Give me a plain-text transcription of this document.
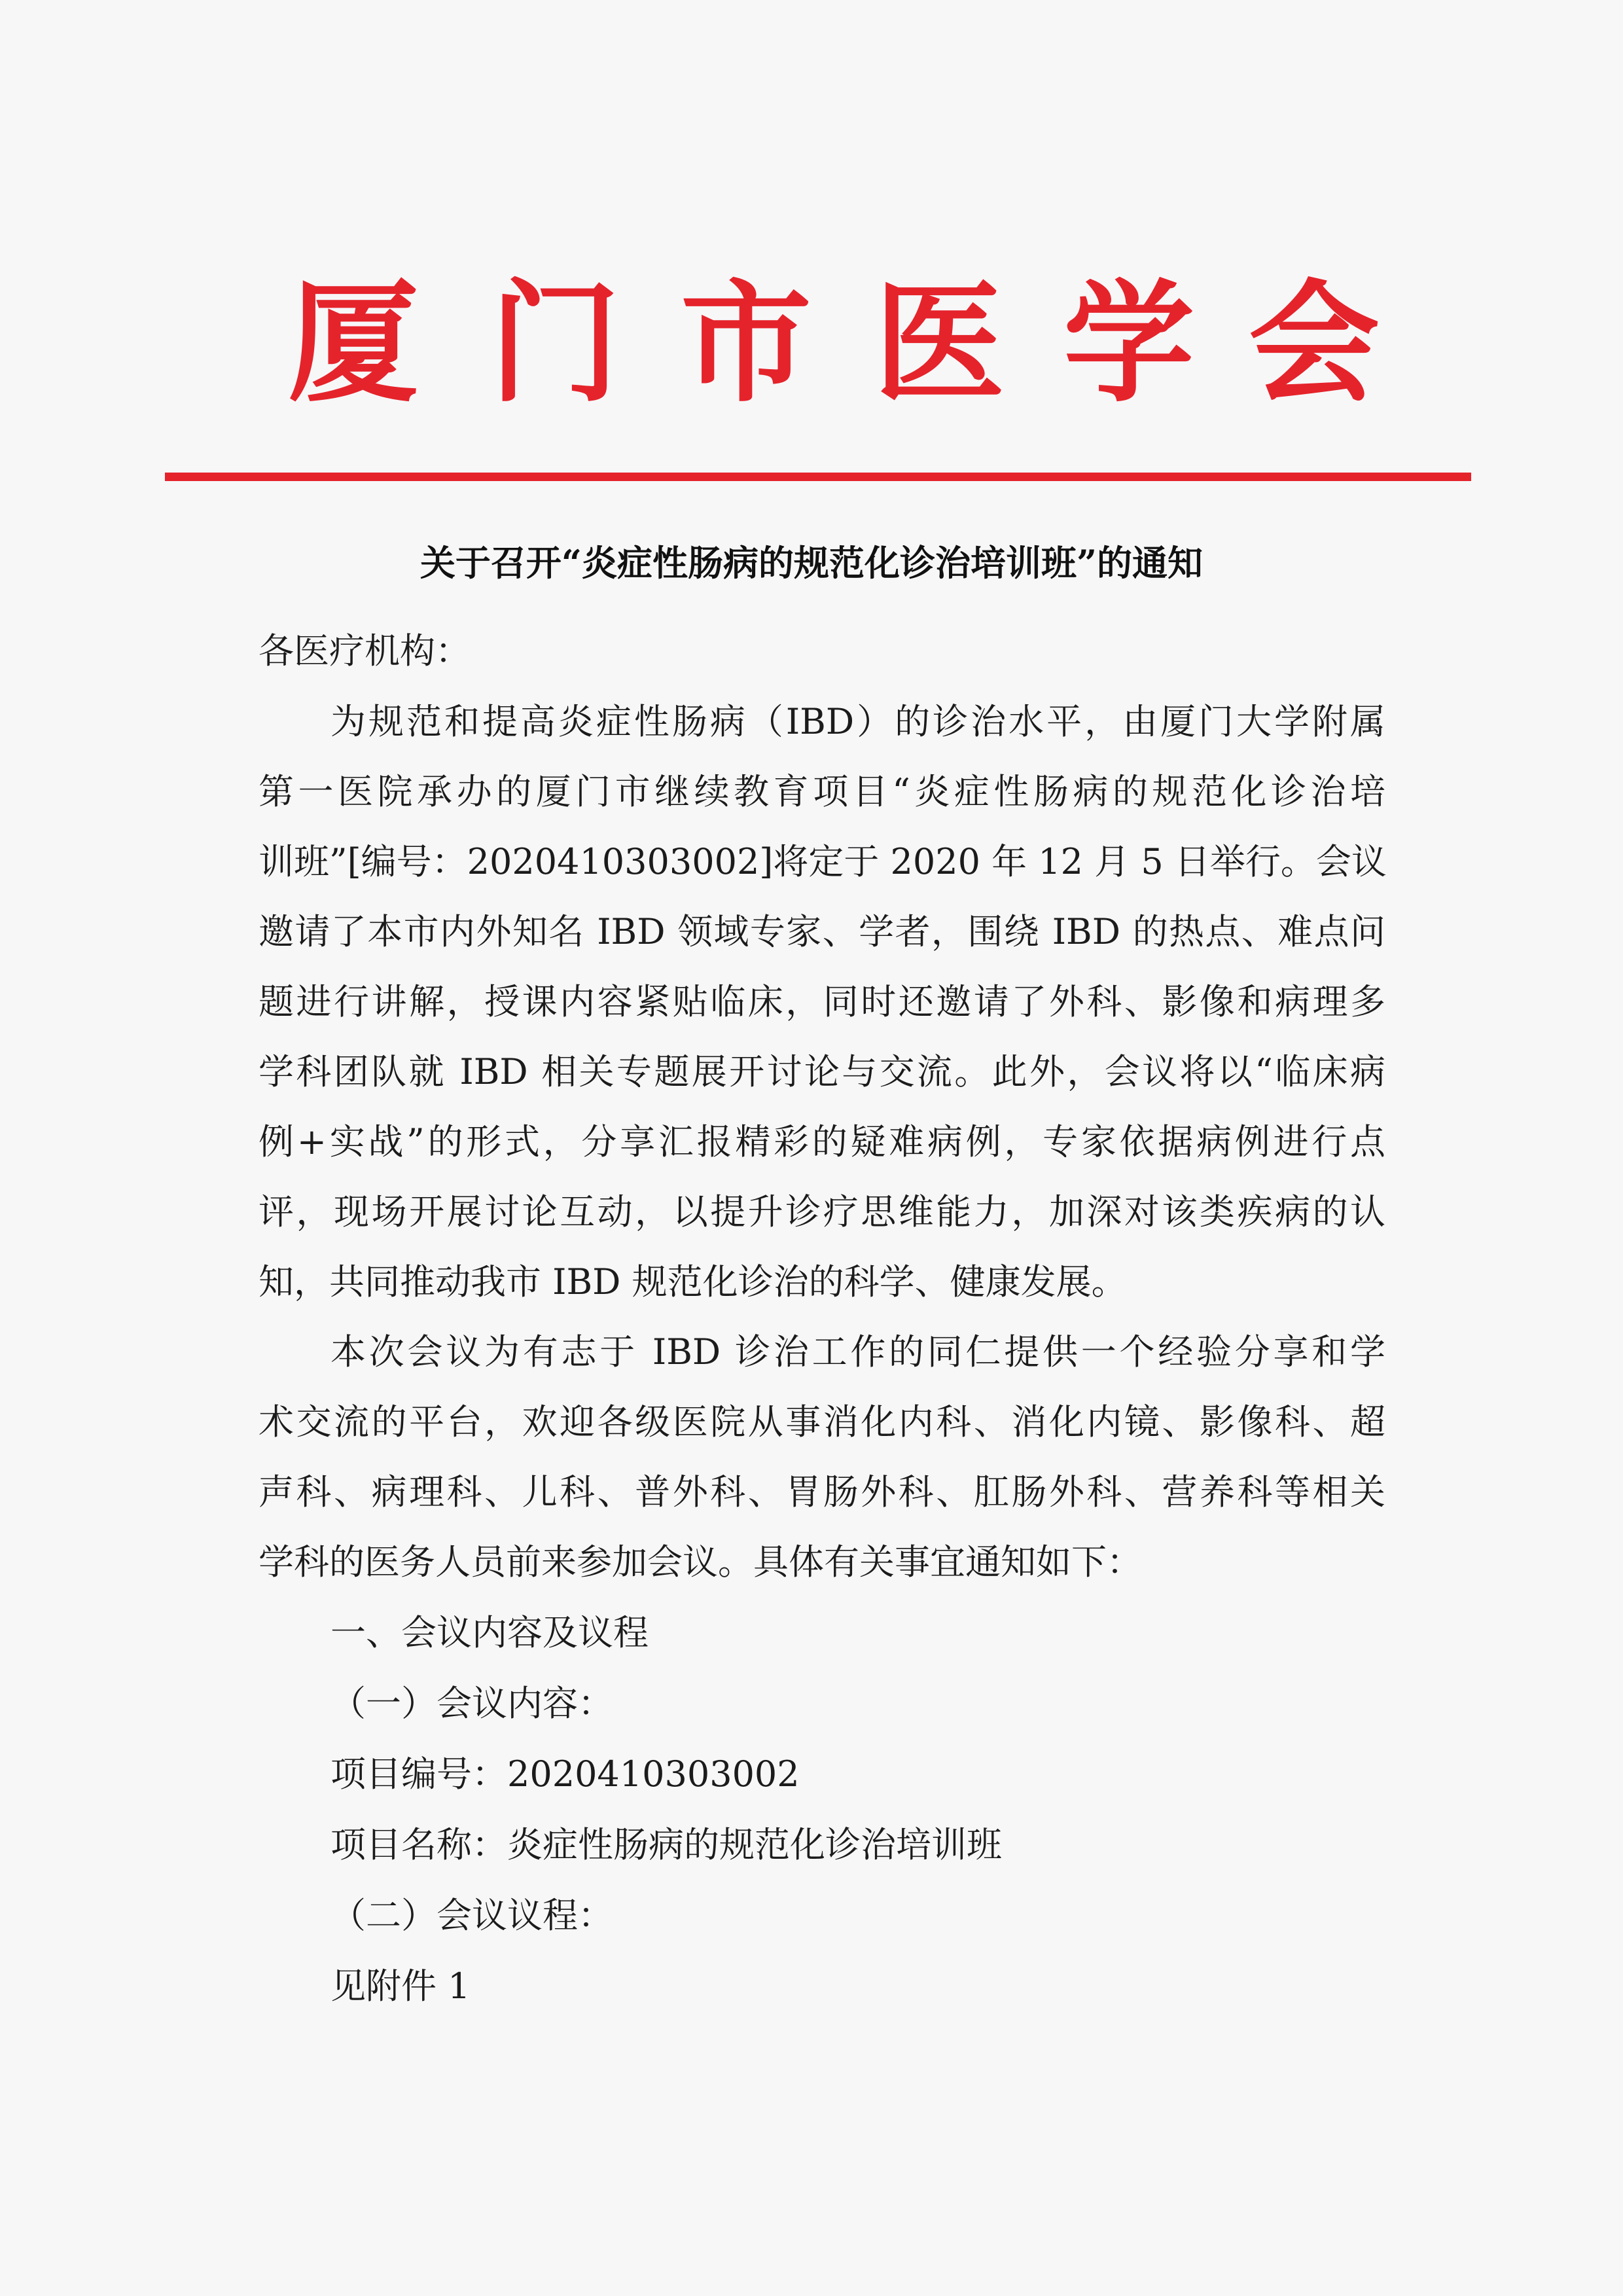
厦 门 市 医 学 会
关于召开“炎症性肠病的规范化诊治培训班”的通知
各医疗机构：
为规范和提高炎症性肠病（IBD）的诊治水平，由厦门大学附属
第一医院承办的厦门市继续教育项目“炎症性肠病的规范化诊治培
训班”[编号：2020410303002]将定于 2020 年 12 月 5 日举行。会议
邀请了本市内外知名 IBD 领域专家、学者，围绕 IBD 的热点、难点问
题进行讲解，授课内容紧贴临床，同时还邀请了外科、影像和病理多
学科团队就 IBD 相关专题展开讨论与交流。此外，会议将以“临床病
例+实战”的形式，分享汇报精彩的疑难病例，专家依据病例进行点
评，现场开展讨论互动，以提升诊疗思维能力，加深对该类疾病的认
知，共同推动我市 IBD 规范化诊治的科学、健康发展。
本次会议为有志于 IBD 诊治工作的同仁提供一个经验分享和学
术交流的平台，欢迎各级医院从事消化内科、消化内镜、影像科、超
声科、病理科、儿科、普外科、胃肠外科、肛肠外科、营养科等相关
学科的医务人员前来参加会议。具体有关事宜通知如下：
一、会议内容及议程
（一）会议内容：
项目编号：2020410303002
项目名称：炎症性肠病的规范化诊治培训班
（二）会议议程：
见附件 1
